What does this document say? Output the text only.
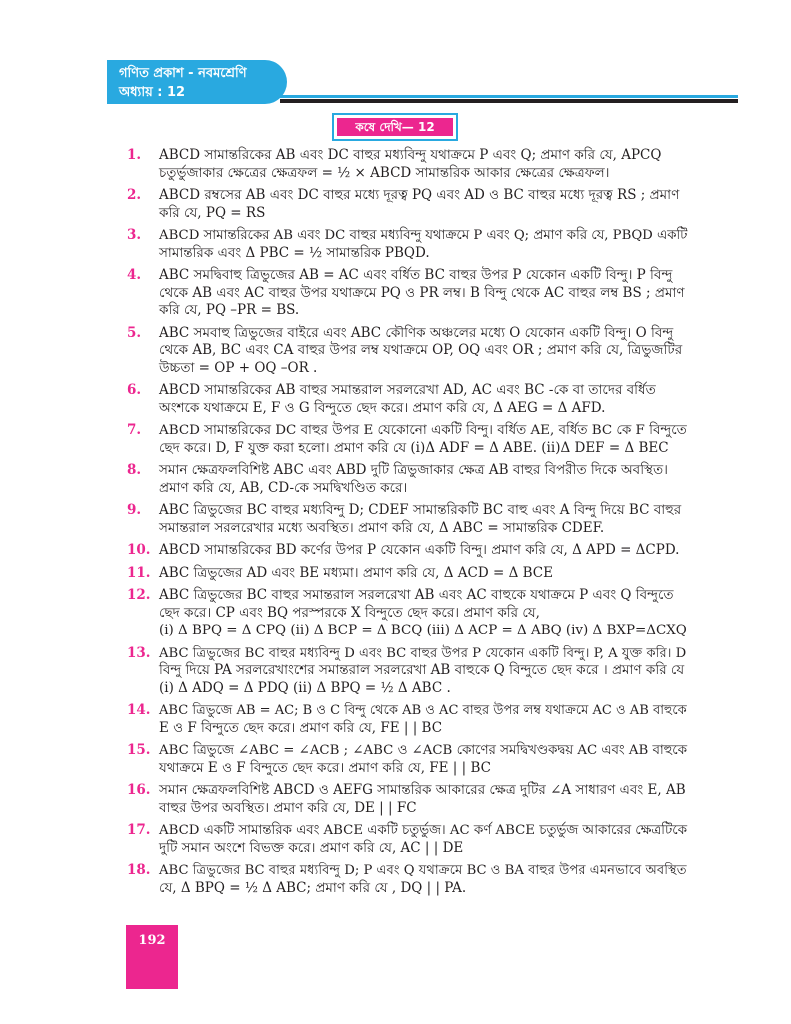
গণিত প্রকাশ - নবমশ্রেণি
অধ্যায় : 12
কষে দেখি— 12
1.	ABCD সামান্তরিকের AB এবং DC বাহুর মধ্যবিন্দু যথাক্রমে P এবং Q; প্রমাণ করি যে, APCQ
চতুর্ভুজাকার ক্ষেত্রের ক্ষেত্রফল = ½ × ABCD সামান্তরিক আকার ক্ষেত্রের ক্ষেত্রফল।
2.	ABCD রম্বসের AB এবং DC বাহুর মধ্যে দূরত্ব PQ এবং AD ও BC বাহুর মধ্যে দূরত্ব RS ; প্রমাণ
করি যে, PQ = RS
3.	ABCD সামান্তরিকের AB এবং DC বাহুর মধ্যবিন্দু যথাক্রমে P এবং Q; প্রমাণ করি যে, PBQD একটি
সামান্তরিক এবং Δ PBC = ½ সামান্তরিক PBQD.
4.	ABC সমদ্বিবাহু ত্রিভুজের AB = AC এবং বর্ধিত BC বাহুর উপর P যেকোন একটি বিন্দু। P বিন্দু
থেকে AB এবং AC বাহুর উপর যথাক্রমে PQ ও PR লম্ব। B বিন্দু থেকে AC বাহুর লম্ব BS ; প্রমাণ
করি যে, PQ –PR = BS.
5.	ABC সমবাহু ত্রিভুজের বাইরে এবং ABC কৌণিক অঞ্চলের মধ্যে O যেকোন একটি বিন্দু। O বিন্দু
থেকে AB, BC এবং CA বাহুর উপর লম্ব যথাক্রমে OP, OQ এবং OR ; প্রমাণ করি যে, ত্রিভুজটির
উচ্চতা = OP + OQ –OR .
6.	ABCD সামান্তরিকের AB বাহুর সমান্তরাল সরলরেখা AD, AC এবং BC -কে বা তাদের বর্ধিত
অংশকে যথাক্রমে E, F ও G বিন্দুতে ছেদ করে। প্রমাণ করি যে, Δ AEG = Δ AFD.
7.	ABCD সামান্তরিকের DC বাহুর উপর E যেকোনো একটি বিন্দু। বর্ধিত AE, বর্ধিত BC কে F বিন্দুতে
ছেদ করে। D, F যুক্ত করা হলো। প্রমাণ করি যে (i)Δ ADF = Δ ABE. (ii)Δ DEF = Δ BEC
8.	সমান ক্ষেত্রফলবিশিষ্ট ABC এবং ABD দুটি ত্রিভুজাকার ক্ষেত্র AB বাহুর বিপরীত দিকে অবস্থিত।
প্রমাণ করি যে, AB, CD-কে সমদ্বিখণ্ডিত করে।
9.	ABC ত্রিভুজের BC বাহুর মধ্যবিন্দু D; CDEF সামান্তরিকটি BC বাহু এবং A বিন্দু দিয়ে BC বাহুর
সমান্তরাল সরলরেখার মধ্যে অবস্থিত। প্রমাণ করি যে, Δ ABC = সামান্তরিক CDEF.
10. ABCD সামান্তরিকের BD কর্ণের উপর P যেকোন একটি বিন্দু। প্রমাণ করি যে, Δ APD = ΔCPD.
11. ABC ত্রিভুজের AD এবং BE মধ্যমা। প্রমাণ করি যে, Δ ACD = Δ BCE
12. ABC ত্রিভুজের BC বাহুর সমান্তরাল সরলরেখা AB এবং AC বাহুকে যথাক্রমে P এবং Q বিন্দুতে
ছেদ করে। CP এবং BQ পরস্পরকে X বিন্দুতে ছেদ করে। প্রমাণ করি যে,
(i) Δ BPQ = Δ CPQ (ii) Δ BCP = Δ BCQ (iii) Δ ACP = Δ ABQ (iv) Δ BXP=ΔCXQ
13. ABC ত্রিভুজের BC বাহুর মধ্যবিন্দু D এবং BC বাহুর উপর P যেকোন একটি বিন্দু। P, A যুক্ত করি। D
বিন্দু দিয়ে PA সরলরেখাংশের সমান্তরাল সরলরেখা AB বাহুকে Q বিন্দুতে ছেদ করে । প্রমাণ করি যে
(i) Δ ADQ = Δ PDQ (ii) Δ BPQ = ½ Δ ABC .
14. ABC ত্রিভুজে AB = AC; B ও C বিন্দু থেকে AB ও AC বাহুর উপর লম্ব যথাক্রমে AC ও AB বাহুকে
E ও F বিন্দুতে ছেদ করে। প্রমাণ করি যে, FE | | BC
15. ABC ত্রিভুজে ∠ABC = ∠ACB ; ∠ABC ও ∠ACB কোণের সমদ্বিখণ্ডকদ্বয় AC এবং AB বাহুকে
যথাক্রমে E ও F বিন্দুতে ছেদ করে। প্রমাণ করি যে, FE | | BC
16. সমান ক্ষেত্রফলবিশিষ্ট ABCD ও AEFG সামান্তরিক আকারের ক্ষেত্র দুটির ∠A সাধারণ এবং E, AB
বাহুর উপর অবস্থিত। প্রমাণ করি যে, DE | | FC
17. ABCD একটি সামান্তরিক এবং ABCE একটি চতুর্ভুজ। AC কর্ণ ABCE চতুর্ভুজ আকারের ক্ষেত্রটিকে
দুটি সমান অংশে বিভক্ত করে। প্রমাণ করি যে, AC | | DE
18. ABC ত্রিভুজের BC বাহুর মধ্যবিন্দু D; P এবং Q যথাক্রমে BC ও BA বাহুর উপর এমনভাবে অবস্থিত
যে, Δ BPQ = ½ Δ ABC; প্রমাণ করি যে , DQ | | PA.
192
